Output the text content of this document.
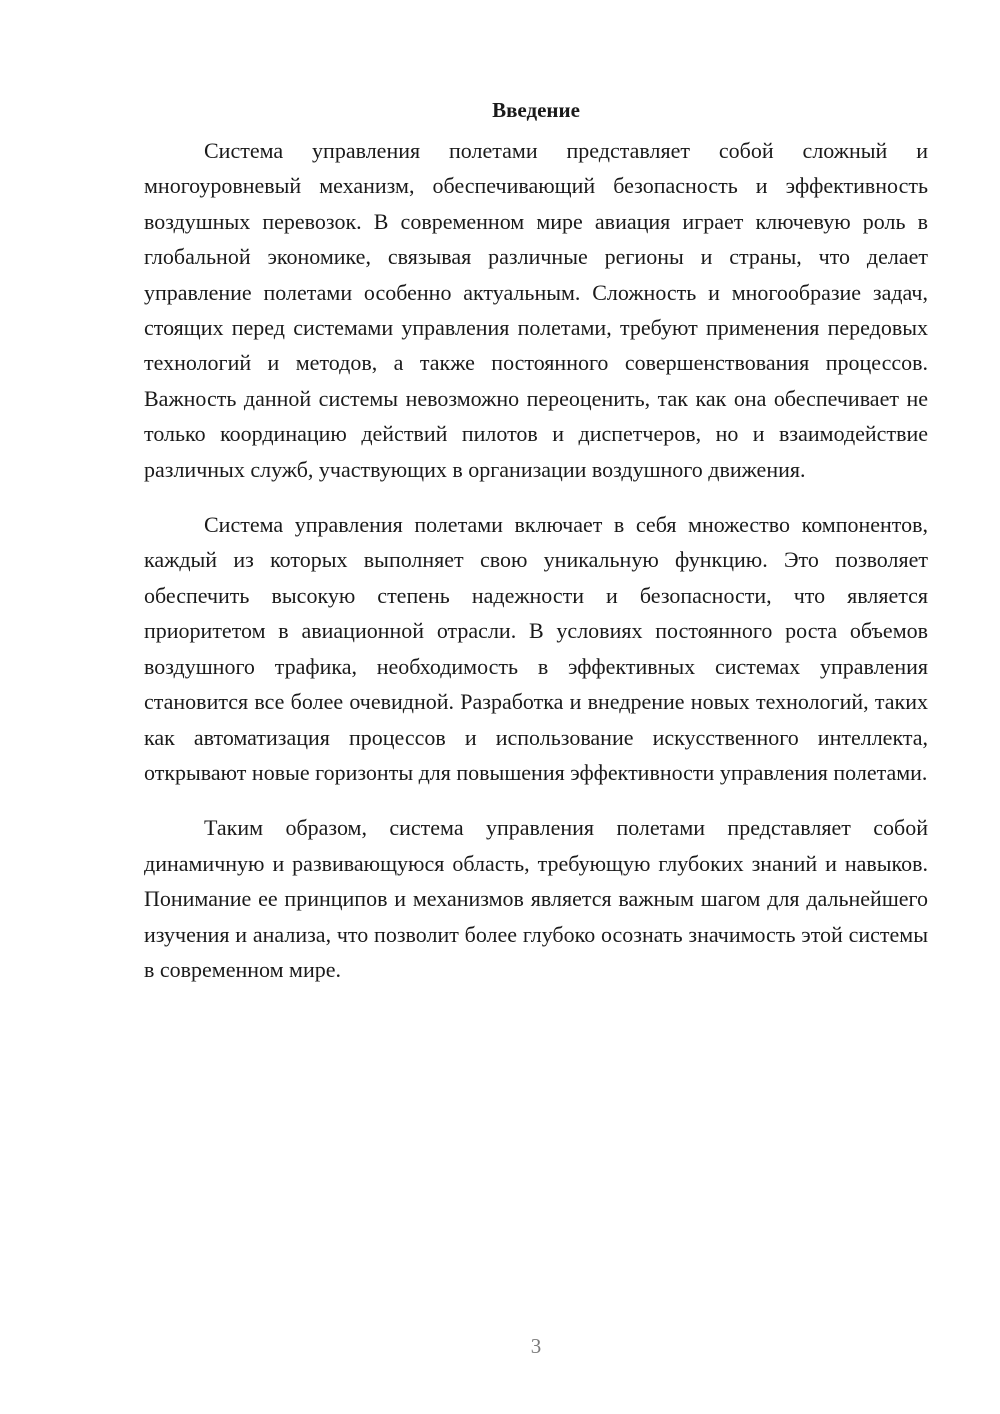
Введение

Система управления полетами представляет собой сложный и многоуровневый механизм, обеспечивающий безопасность и эффективность воздушных перевозок. В современном мире авиация играет ключевую роль в глобальной экономике, связывая различные регионы и страны, что делает управление полетами особенно актуальным. Сложность и многообразие задач, стоящих перед системами управления полетами, требуют применения передовых технологий и методов, а также постоянного совершенствования процессов. Важность данной системы невозможно переоценить, так как она обеспечивает не только координацию действий пилотов и диспетчеров, но и взаимодействие различных служб, участвующих в организации воздушного движения.

Система управления полетами включает в себя множество компонентов, каждый из которых выполняет свою уникальную функцию. Это позволяет обеспечить высокую степень надежности и безопасности, что является приоритетом в авиационной отрасли. В условиях постоянного роста объемов воздушного трафика, необходимость в эффективных системах управления становится все более очевидной. Разработка и внедрение новых технологий, таких как автоматизация процессов и использование искусственного интеллекта, открывают новые горизонты для повышения эффективности управления полетами.

Таким образом, система управления полетами представляет собой динамичную и развивающуюся область, требующую глубоких знаний и навыков. Понимание ее принципов и механизмов является важным шагом для дальнейшего изучения и анализа, что позволит более глубоко осознать значимость этой системы в современном мире.

3
